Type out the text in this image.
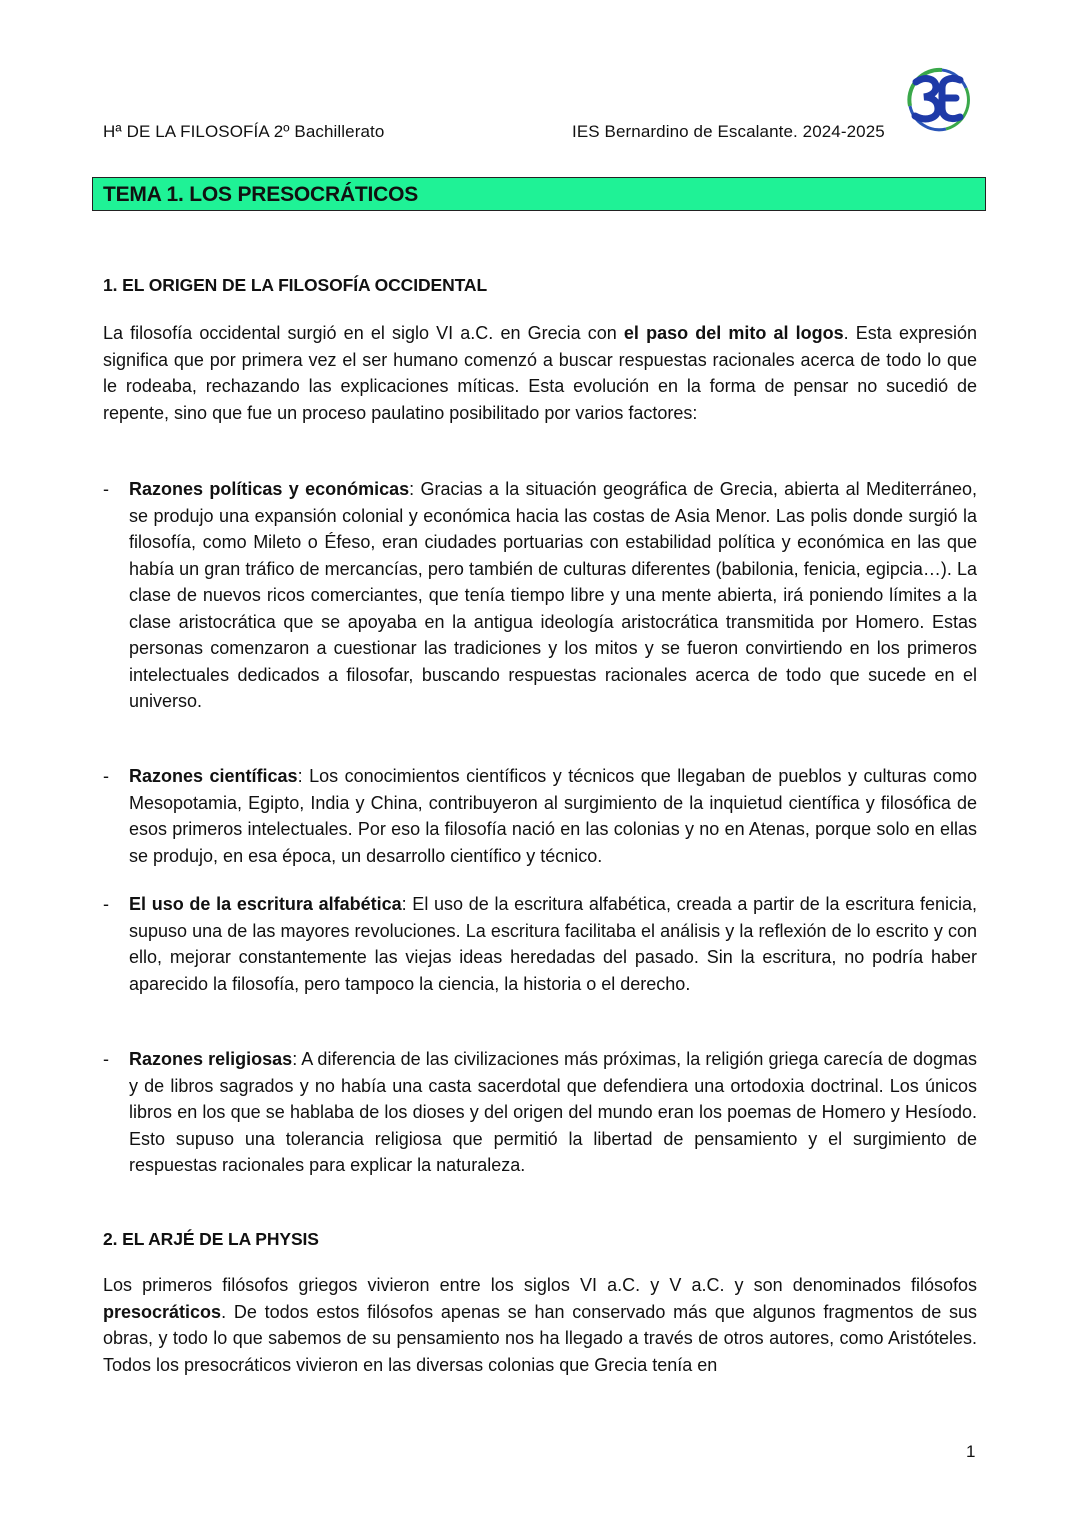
Hª DE LA FILOSOFÍA 2º Bachillerato	IES Bernardino de Escalante. 2024-2025
TEMA 1. LOS PRESOCRÁTICOS
1. EL ORIGEN DE LA FILOSOFÍA OCCIDENTAL
La filosofía occidental surgió en el siglo VI a.C. en Grecia con el paso del mito al logos. Esta expresión significa que por primera vez el ser humano comenzó a buscar respuestas racionales acerca de todo lo que le rodeaba, rechazando las explicaciones míticas. Esta evolución en la forma de pensar no sucedió de repente, sino que fue un proceso paulatino posibilitado por varios factores:
- Razones políticas y económicas: Gracias a la situación geográfica de Grecia, abierta al Mediterráneo, se produjo una expansión colonial y económica hacia las costas de Asia Menor. Las polis donde surgió la filosofía, como Mileto o Éfeso, eran ciudades portuarias con estabilidad política y económica en las que había un gran tráfico de mercancías, pero también de culturas diferentes (babilonia, fenicia, egipcia…). La clase de nuevos ricos comerciantes, que tenía tiempo libre y una mente abierta, irá poniendo límites a la clase aristocrática que se apoyaba en la antigua ideología aristocrática transmitida por Homero. Estas personas comenzaron a cuestionar las tradiciones y los mitos y se fueron convirtiendo en los primeros intelectuales dedicados a filosofar, buscando respuestas racionales acerca de todo que sucede en el universo.
- Razones científicas: Los conocimientos científicos y técnicos que llegaban de pueblos y culturas como Mesopotamia, Egipto, India y China, contribuyeron al surgimiento de la inquietud científica y filosófica de esos primeros intelectuales. Por eso la filosofía nació en las colonias y no en Atenas, porque solo en ellas se produjo, en esa época, un desarrollo científico y técnico.
- El uso de la escritura alfabética: El uso de la escritura alfabética, creada a partir de la escritura fenicia, supuso una de las mayores revoluciones. La escritura facilitaba el análisis y la reflexión de lo escrito y con ello, mejorar constantemente las viejas ideas heredadas del pasado. Sin la escritura, no podría haber aparecido la filosofía, pero tampoco la ciencia, la historia o el derecho.
- Razones religiosas: A diferencia de las civilizaciones más próximas, la religión griega carecía de dogmas y de libros sagrados y no había una casta sacerdotal que defendiera una ortodoxia doctrinal. Los únicos libros en los que se hablaba de los dioses y del origen del mundo eran los poemas de Homero y Hesíodo. Esto supuso una tolerancia religiosa que permitió la libertad de pensamiento y el surgimiento de respuestas racionales para explicar la naturaleza.
2. EL ARJÉ DE LA PHYSIS
Los primeros filósofos griegos vivieron entre los siglos VI a.C. y V a.C. y son denominados filósofos presocráticos. De todos estos filósofos apenas se han conservado más que algunos fragmentos de sus obras, y todo lo que sabemos de su pensamiento nos ha llegado a través de otros autores, como Aristóteles. Todos los presocráticos vivieron en las diversas colonias que Grecia tenía en
1
